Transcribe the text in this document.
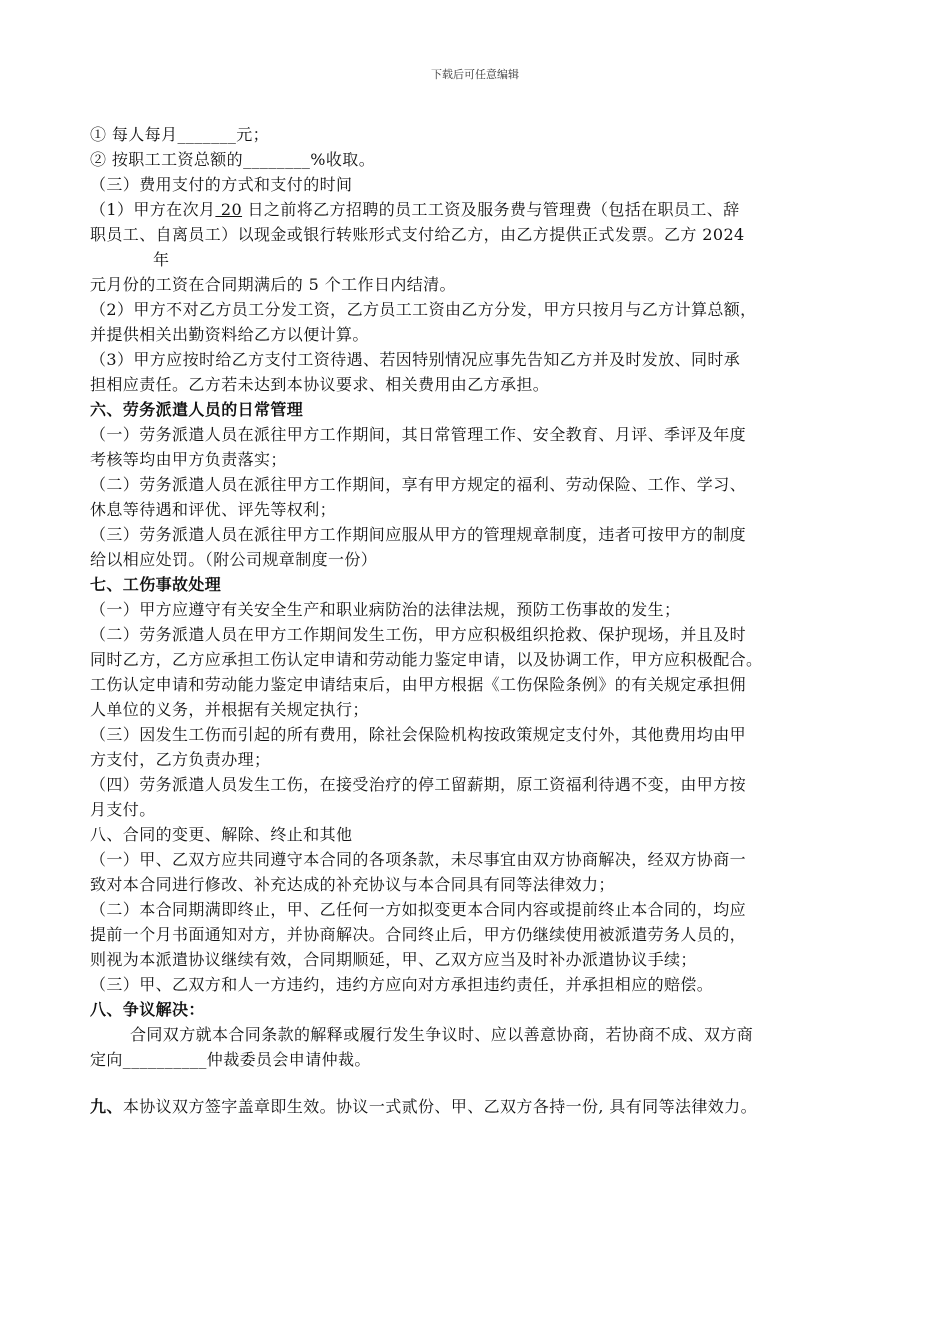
下载后可任意编辑
① 每人每月_______元；
② 按职工工资总额的________%收取。
（三）费用支付的方式和支付的时间
（1）甲方在次月 20 日之前将乙方招聘的员工工资及服务费与管理费（包括在职员工、辞
职员工、自离员工）以现金或银行转账形式支付给乙方，由乙方提供正式发票。乙方 2024
年
元月份的工资在合同期满后的 5 个工作日内结清。
（2）甲方不对乙方员工分发工资，乙方员工工资由乙方分发，甲方只按月与乙方计算总额，
并提供相关出勤资料给乙方以便计算。
（3）甲方应按时给乙方支付工资待遇、若因特别情况应事先告知乙方并及时发放、同时承
担相应责任。乙方若未达到本协议要求、相关费用由乙方承担。
六、劳务派遣人员的日常管理
（一）劳务派遣人员在派往甲方工作期间，其日常管理工作、安全教育、月评、季评及年度
考核等均由甲方负责落实；
（二）劳务派遣人员在派往甲方工作期间，享有甲方规定的福利、劳动保险、工作、学习、
休息等待遇和评优、评先等权利；
（三）劳务派遣人员在派往甲方工作期间应服从甲方的管理规章制度，违者可按甲方的制度
给以相应处罚。（附公司规章制度一份）
七、工伤事故处理
（一）甲方应遵守有关安全生产和职业病防治的法律法规，预防工伤事故的发生；
（二）劳务派遣人员在甲方工作期间发生工伤，甲方应积极组织抢救、保护现场，并且及时
同时乙方，乙方应承担工伤认定申请和劳动能力鉴定申请，以及协调工作，甲方应积极配合。
工伤认定申请和劳动能力鉴定申请结束后，由甲方根据《工伤保险条例》的有关规定承担佣
人单位的义务，并根据有关规定执行；
（三）因发生工伤而引起的所有费用，除社会保险机构按政策规定支付外，其他费用均由甲
方支付，乙方负责办理；
（四）劳务派遣人员发生工伤，在接受治疗的停工留薪期，原工资福利待遇不变，由甲方按
月支付。
八、合同的变更、解除、终止和其他
（一）甲、乙双方应共同遵守本合同的各项条款，未尽事宜由双方协商解决，经双方协商一
致对本合同进行修改、补充达成的补充协议与本合同具有同等法律效力；
（二）本合同期满即终止，甲、乙任何一方如拟变更本合同内容或提前终止本合同的，均应
提前一个月书面通知对方，并协商解决。合同终止后，甲方仍继续使用被派遣劳务人员的，
则视为本派遣协议继续有效，合同期顺延，甲、乙双方应当及时补办派遣协议手续；
（三）甲、乙双方和人一方违约，违约方应向对方承担违约责任，并承担相应的赔偿。
八、争议解决：
合同双方就本合同条款的解释或履行发生争议时、应以善意协商，若协商不成、双方商
定向__________仲裁委员会申请仲裁。
九、本协议双方签字盖章即生效。协议一式贰份、甲、乙双方各持一份, 具有同等法律效力。
